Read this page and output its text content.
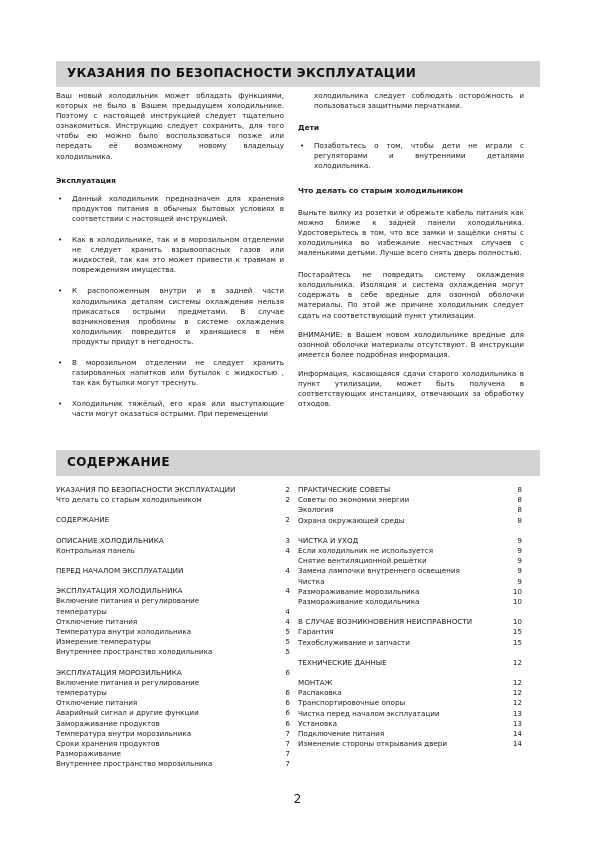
УКАЗАНИЯ ПО БЕЗОПАСНОСТИ ЭКСПЛУАТАЦИИ

Ваш новый холодильник может обладать функциями, которых не было в Вашем предыдущем холодильнике. Поэтому с настоящей инструкцией следует тщательно ознакомиться. Инструкцию следует сохранить, для того чтобы ею можно было воспользоваться позже или передать её возможному новому владельцу холодильника.

Эксплуатация
• Данный холодильник предназначен для хранения продуктов питания в обычных бытовых условиях в соответствии с настоящей инструкцией.
• Как в холодильнике, так и в морозильном отделении не следует хранить взрывоопасных газов или жидкостей, так как это может привести к травмам и повреждениям имущества.
• К расположенным внутри и в задней части холодильника деталям системы охлаждения нельзя прикасаться острыми предметами. В случае возникновения пробоины в системе охлаждения холодильник повредится и хранящиеся в нём продукты придут в негодность.
• В морозильном отделении не следует хранить газированных напитков или бутылок с жидкостью , так как бутылки могут треснуть.
• Холодильник тяжёлый, его края или выступающие части могут оказаться острыми. При перемещении

холодильника следует соблюдать осторожность и пользоваться защитными перчатками.

Дети
• Позаботьтесь о том, чтобы дети не играли с регуляторами и внутренними деталями холодильника.
Что делать со старым холодильником

Выньте вилку из розетки и обрежьте кабель питания как можно ближе к задней панели холодильника. Удостоверьтесь в том, что все замки и защёлки сняты с холодильника во избежание несчастных случаев с маленькими детьми. Лучше всего снять дверь полностью.

Постарайтесь не повредить систему охлаждения холодильника. Изоляция и система охлаждения могут содержать в себе вредные для озонной оболочки материалы. По этой же причине холодильник следует сдать на соответствующий пункт утилизации.

ВНИМАНИЕ: в Вашем новом холодильнике вредные для озонной оболочки материалы отсутствуют. В инструкции имеется более подробная информация.

Информация, касающаяся сдачи старого холодильника в пункт утилизации, может быть получена в соответствующих инстанциях, отвечающих за обработку отходов.

СОДЕРЖАНИЕ
УКАЗАНИЯ ПО БЕЗОПАСНОСТИ ЭКСПЛУАТАЦИИ	2
Что делать со старым холодильником	2
СОДЕРЖАНИЕ	2
ОПИСАНИЕ ХОЛОДИЛЬНИКА	3
Контрольная панель	4
ПЕРЕД НАЧАЛОМ ЭКСПЛУАТАЦИИ	4
ЭКСПЛУАТАЦИЯ ХОЛОДИЛЬНИКА	4
Включение питания и регулирование
температуры	4
Отключение питания	4
Температура внутри холодильника	5
Измерение температуры	5
Внутреннее пространство холодильника	5
ЭКСПЛУАТАЦИЯ МОРОЗИЛЬНИКА	6
Включение питания и регулирование
температуры	6
Отключение питания	6
Аварийный сигнал и другие функции	6
Замораживание продуктов	6
Температура внутри морозильника	7
Сроки хранения продуктов	7
Размораживание	7
Внутреннее пространство морозильника	7
ПРАКТИЧЕСКИЕ СОВЕТЫ	8
Советы по экономии энергии	8
Экология	8
Охрана окружающей среды	8
ЧИСТКА И УХОД	9
Если холодильник не используется	9
Снятие вентиляционной решётки	9
Замена лампочки внутреннего освещения	9
Чистка	9
Размораживание морозильника	10
Размораживание холодильника	10
В СЛУЧАЕ ВОЗНИКНОВЕНИЯ НЕИСПРАВНОСТИ	10
Гарантия	15
Техобслуживание и запчасти	15
ТЕХНИЧЕСКИЕ ДАННЫЕ	12
МОНТАЖ	12
Распаковка	12
Транспортировочные опоры	12
Чистка перед началом эксплуатации	13
Установка	13
Подключение питания	14
Изменение стороны открывания двери	14
2
